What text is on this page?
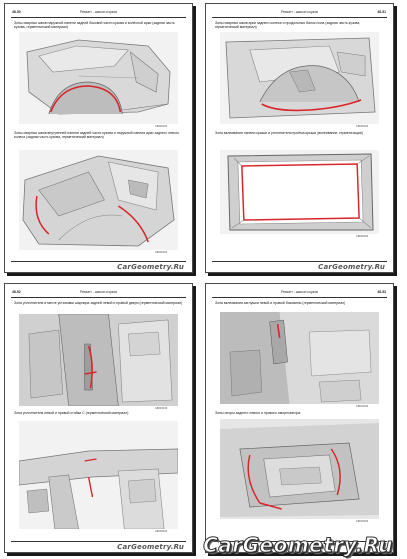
48-50	Ремонт - шасси и кузов
Зоны сварных швов наружной панели задней боковой части кузова и колёсной арки (задняя часть кузова, герметический материал)
AB00000Z
Зоны сварных швов внутренней панели задней части кузова и наружной панели арки заднего левого колеса (задняя часть кузова, герметический материал)
AB00000Z
CarGeometry.Ru
Ремонт - шасси и кузов	48-51
Зоны сварных швов арки заднего колеса и продольных балок пола (задняя часть кузова, герметический материал)
AB00000Z
Зона вклеивания панели крыши и уплотнителя проёма крыши (вклеивание, герметизация)
AB00000Z
CarGeometry.Ru
48-52	Ремонт - шасси и кузов
Зона уплотнителя в месте установки шарнира задней левой и правой двери (герметический материал)
AB00000Z
Зона уплотнителя левой и правой стойки C (герметический материал)
AB00000Z
CarGeometry.Ru
Ремонт - шасси и кузов	48-53
Зона вклеивания заглушки левой и правой боковины (герметический материал)
AB00000Z
Зоны опоры заднего левого и правого амортизатора
AB00000Z
CarGeometry.Ru
